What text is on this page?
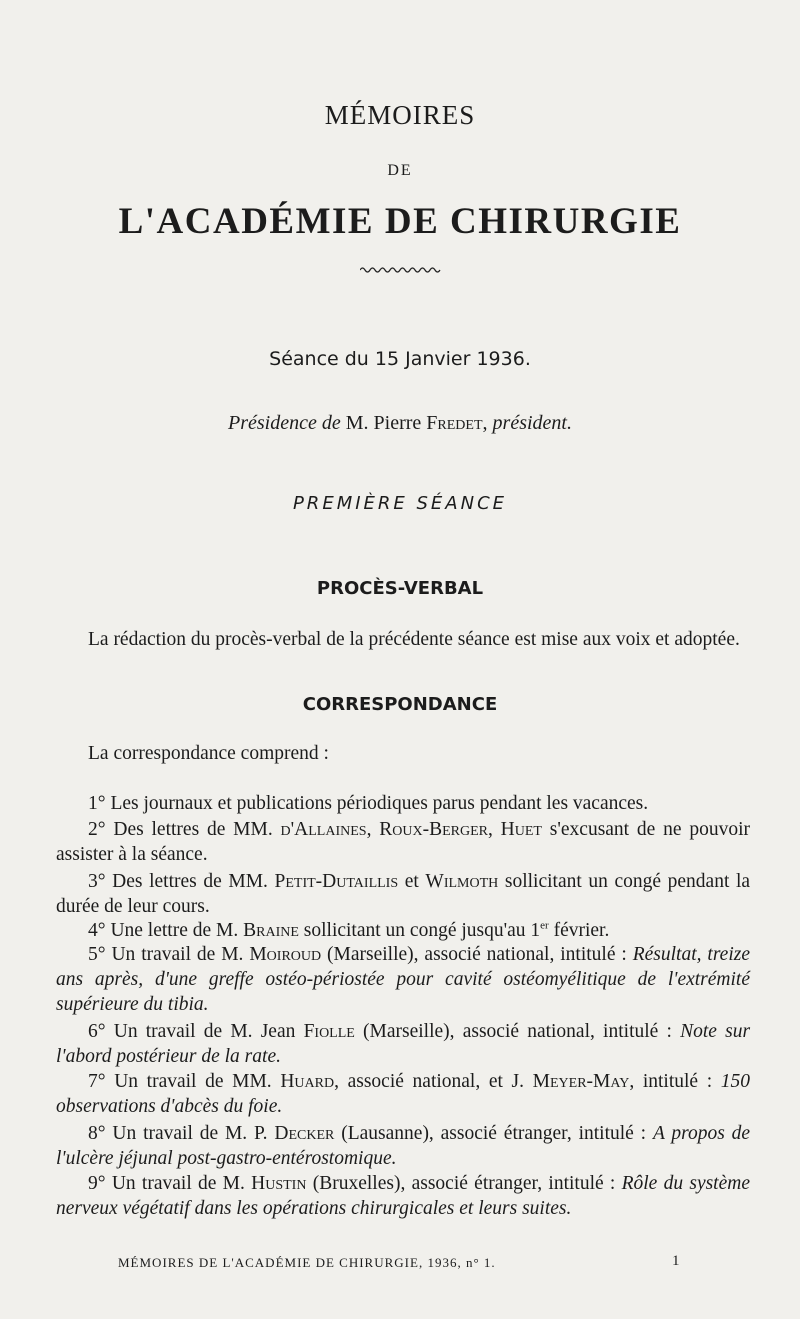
MÉMOIRES
DE
L'ACADÉMIE DE CHIRURGIE
Séance du 15 Janvier 1936.
Présidence de M. Pierre Fredet, président.
PREMIÈRE SÉANCE
PROCÈS-VERBAL
La rédaction du procès-verbal de la précédente séance est mise aux voix et adoptée.
CORRESPONDANCE
La correspondance comprend :
1° Les journaux et publications périodiques parus pendant les vacances.
2° Des lettres de MM. d'Allaines, Roux-Berger, Huet s'excusant de ne pouvoir assister à la séance.
3° Des lettres de MM. Petit-Dutaillis et Wilmoth sollicitant un congé pendant la durée de leur cours.
4° Une lettre de M. Braine sollicitant un congé jusqu'au 1er février.
5° Un travail de M. Moiroud (Marseille), associé national, intitulé : Résultat, treize ans après, d'une greffe ostéo-périostée pour cavité ostéomyélitique de l'extrémité supérieure du tibia.
6° Un travail de M. Jean Fiolle (Marseille), associé national, intitulé : Note sur l'abord postérieur de la rate.
7° Un travail de MM. Huard, associé national, et J. Meyer-May, intitulé : 150 observations d'abcès du foie.
8° Un travail de M. P. Decker (Lausanne), associé étranger, intitulé : A propos de l'ulcère jéjunal post-gastro-entérostomique.
9° Un travail de M. Hustin (Bruxelles), associé étranger, intitulé : Rôle du système nerveux végétatif dans les opérations chirurgicales et leurs suites.
MÉMOIRES DE L'ACADÉMIE DE CHIRURGIE, 1936, n° 1.	1
